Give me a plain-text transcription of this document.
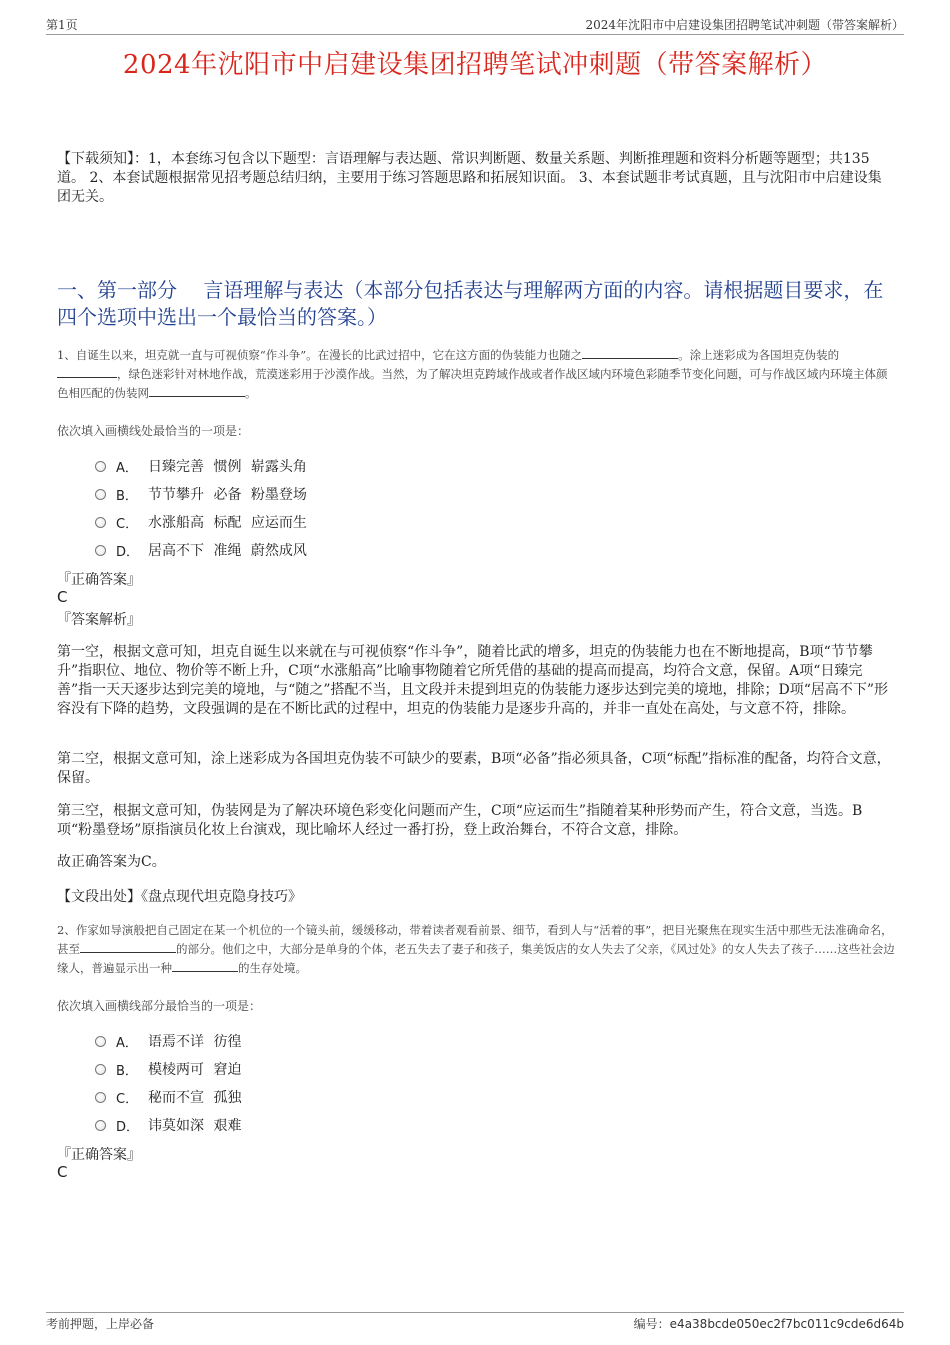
第1页	2024年沈阳市中启建设集团招聘笔试冲刺题（带答案解析）
2024年沈阳市中启建设集团招聘笔试冲刺题（带答案解析）
【下载须知】：1，本套练习包含以下题型：言语理解与表达题、常识判断题、数量关系题、判断推理题和资料分析题等题型；共135道。 2、本套试题根据常见招考题总结归纳，主要用于练习答题思路和拓展知识面。 3、本套试题非考试真题，且与沈阳市中启建设集团无关。
一、第一部分　 言语理解与表达（本部分包括表达与理解两方面的内容。请根据题目要求，在四个选项中选出一个最恰当的答案。）
1、自诞生以来，坦克就一直与可视侦察“作斗争”。在漫长的比武过招中，它在这方面的伪装能力也随之	。涂上迷彩成为各国坦克伪装的，绿色迷彩针对林地作战，荒漠迷彩用于沙漠作战。当然，为了解决坦克跨域作战或者作战区域内环境色彩随季节变化问题，可与作战区域内环境主体颜色相匹配的伪装网	。
依次填入画横线处最恰当的一项是：
A． 日臻完善 惯例 崭露头角
B． 节节攀升 必备 粉墨登场
C． 水涨船高 标配 应运而生
D． 居高不下 准绳 蔚然成风
『正确答案』
C
『答案解析』
第一空，根据文意可知，坦克自诞生以来就在与可视侦察“作斗争”，随着比武的增多，坦克的伪装能力也在不断地提高，B项“节节攀升”指职位、地位、物价等不断上升，C项“水涨船高”比喻事物随着它所凭借的基础的提高而提高，均符合文意，保留。A项“日臻完善”指一天天逐步达到完美的境地，与“随之”搭配不当，且文段并未提到坦克的伪装能力逐步达到完美的境地，排除；D项“居高不下”形容没有下降的趋势，文段强调的是在不断比武的过程中，坦克的伪装能力是逐步升高的，并非一直处在高处，与文意不符，排除。
第二空，根据文意可知，涂上迷彩成为各国坦克伪装不可缺少的要素，B项“必备”指必须具备，C项“标配”指标准的配备，均符合文意，保留。
第三空，根据文意可知，伪装网是为了解决环境色彩变化问题而产生，C项“应运而生”指随着某种形势而产生，符合文意，当选。B项“粉墨登场”原指演员化妆上台演戏，现比喻坏人经过一番打扮，登上政治舞台，不符合文意，排除。
故正确答案为C。
【文段出处】《盘点现代坦克隐身技巧》
2、作家如导演般把自己固定在某一个机位的一个镜头前，缓缓移动，带着读者观看前景、细节，看到人与“活着的事”，把目光聚焦在现实生活中那些无法准确命名，甚至	的部分。他们之中，大部分是单身的个体，老五失去了妻子和孩子，集美饭店的女人失去了父亲，《风过处》的女人失去了孩子……这些社会边缘人，普遍显示出一种	的生存处境。
依次填入画横线部分最恰当的一项是：
A． 语焉不详 彷徨
B． 模棱两可 窘迫
C． 秘而不宣 孤独
D． 讳莫如深 艰难
『正确答案』
C
考前押题，上岸必备	编号：e4a38bcde050ec2f7bc011c9cde6d64b
